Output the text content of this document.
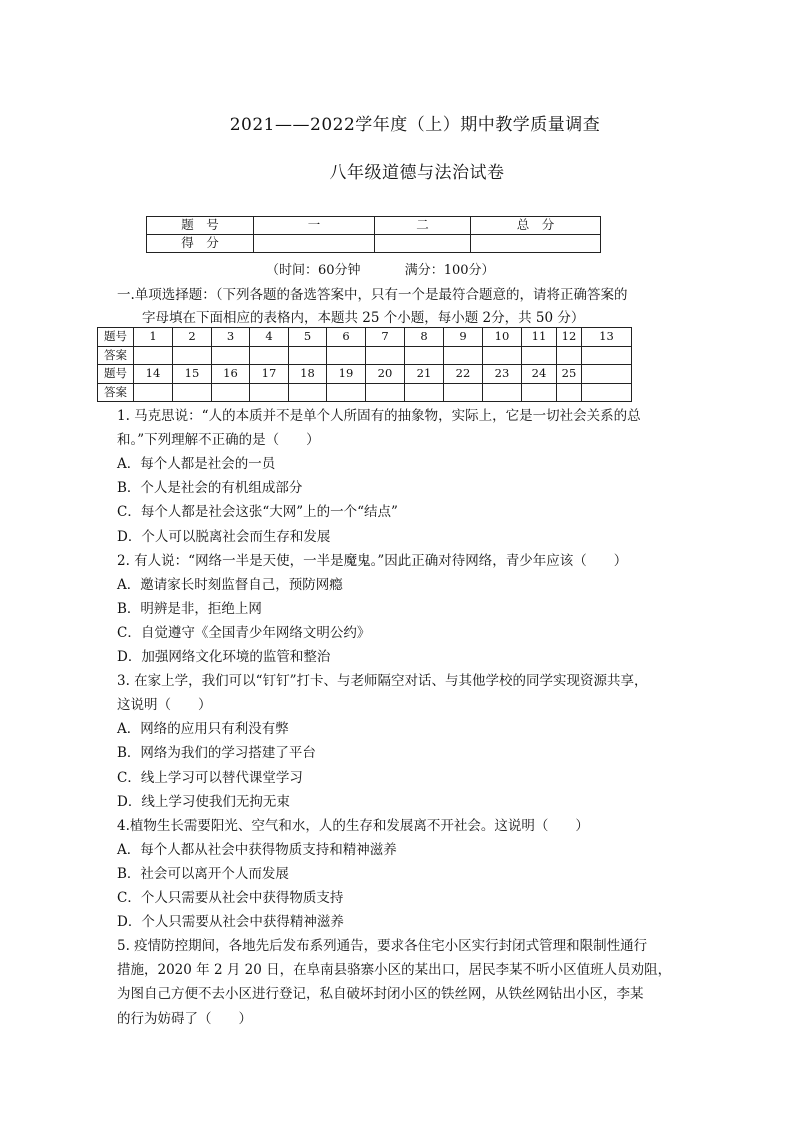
2021——2022学年度（上）期中教学质量调查
八年级道德与法治试卷
题　号	一	二	总　分
得　分			
（时间：60分钟	满分：100分）
一.单项选择题：（下列各题的备选答案中，只有一个是最符合题意的，请将正确答案的
字母填在下面相应的表格内，本题共 25 个小题，每小题 2分，共 50 分）
题号	1	2	3	4	5	6	7	8	9	10	11	12	13
答案													
题号	14	15	16	17	18	19	20	21	22	23	24	25	
答案													
1. 马克思说：“人的本质并不是单个人所固有的抽象物，实际上，它是一切社会关系的总
和。”下列理解不正确的是（　　）
A．每个人都是社会的一员
B．个人是社会的有机组成部分
C．每个人都是社会这张“大网”上的一个“结点”
D．个人可以脱离社会而生存和发展
2. 有人说：“网络一半是天使，一半是魔鬼。”因此正确对待网络，青少年应该（　　）
A．邀请家长时刻监督自己，预防网瘾
B．明辨是非，拒绝上网
C．自觉遵守《全国青少年网络文明公约》
D．加强网络文化环境的监管和整治
3. 在家上学，我们可以“钉钉”打卡、与老师隔空对话、与其他学校的同学实现资源共享，
这说明（　　）
A．网络的应用只有利没有弊
B．网络为我们的学习搭建了平台
C．线上学习可以替代课堂学习
D．线上学习使我们无拘无束
4.植物生长需要阳光、空气和水，人的生存和发展离不开社会。这说明（　　）
A．每个人都从社会中获得物质支持和精神滋养
B．社会可以离开个人而发展
C．个人只需要从社会中获得物质支持
D．个人只需要从社会中获得精神滋养
5. 疫情防控期间，各地先后发布系列通告，要求各住宅小区实行封闭式管理和限制性通行
措施，2020 年 2 月 20 日，在阜南县骆寨小区的某出口，居民李某不听小区值班人员劝阻，
为图自己方便不去小区进行登记，私自破坏封闭小区的铁丝网，从铁丝网钻出小区，李某
的行为妨碍了（　　）
